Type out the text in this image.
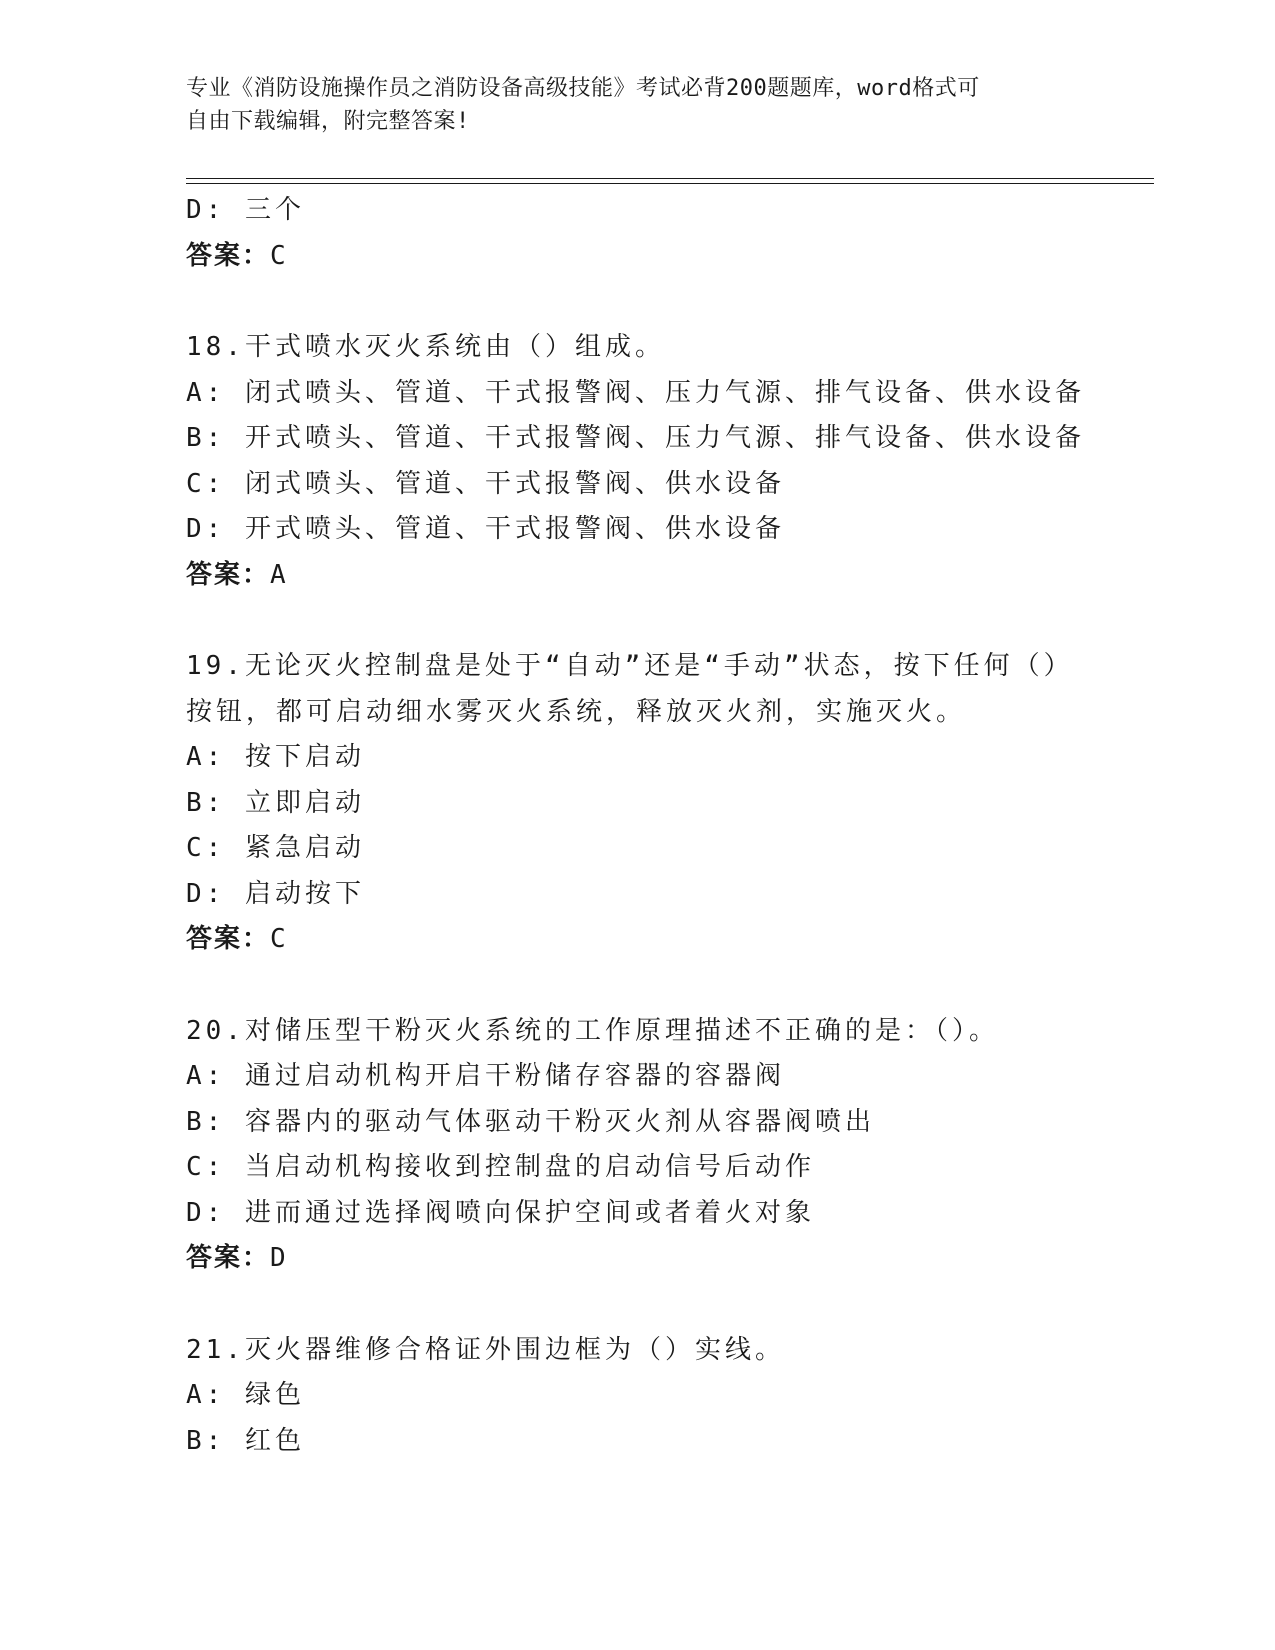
专业《消防设施操作员之消防设备高级技能》考试必背200题题库，word格式可
自由下载编辑，附完整答案!
D: 三个
答案：C
18.干式喷水灭火系统由（）组成。
A: 闭式喷头、管道、干式报警阀、压力气源、排气设备、供水设备
B: 开式喷头、管道、干式报警阀、压力气源、排气设备、供水设备
C: 闭式喷头、管道、干式报警阀、供水设备
D: 开式喷头、管道、干式报警阀、供水设备
答案：A
19.无论灭火控制盘是处于“自动”还是“手动”状态，按下任何（）
按钮，都可启动细水雾灭火系统，释放灭火剂，实施灭火。
A: 按下启动
B: 立即启动
C: 紧急启动
D: 启动按下
答案：C
20.对储压型干粉灭火系统的工作原理描述不正确的是：（）。
A: 通过启动机构开启干粉储存容器的容器阀
B: 容器内的驱动气体驱动干粉灭火剂从容器阀喷出
C: 当启动机构接收到控制盘的启动信号后动作
D: 进而通过选择阀喷向保护空间或者着火对象
答案：D
21.灭火器维修合格证外围边框为（）实线。
A: 绿色
B: 红色
